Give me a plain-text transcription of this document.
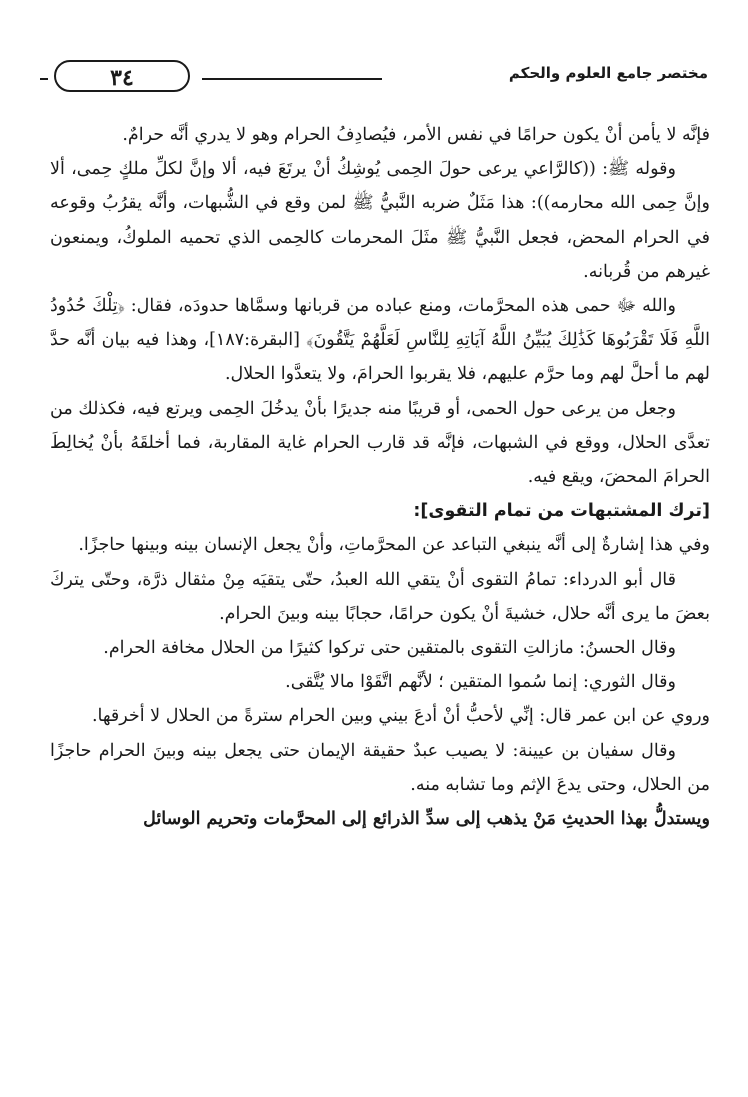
٣٤	مختصر جامع العلوم والحكم

فإنَّه لا يأمن أنْ يكون حرامًا في نفس الأمر، فيُصادِفُ الحرام وهو لا يدري أنَّه حرامٌ.

وقوله ﷺ: ((كالرَّاعي يرعى حولَ الحِمى يُوشِكُ أنْ يرتَعَ فيه، ألا وإنَّ لكلِّ ملكٍ حِمى، ألا وإنَّ حِمى الله محارمه)): هذا مَثَلٌ ضربه النَّبيُّ ﷺ لمن وقع في الشُّبهات، وأنَّه يقرُبُ وقوعه في الحرام المحض، فجعل النَّبيُّ ﷺ مثَلَ المحرمات كالحِمى الذي تحميه الملوكُ، ويمنعون غيرهم من قُربانه.

والله ﷻ حمى هذه المحرَّمات، ومنع عباده من قربانها وسمَّاها حدودَه، فقال: ﴿تِلْكَ حُدُودُ اللَّهِ فَلَا تَقْرَبُوهَا كَذَٰلِكَ يُبَيِّنُ اللَّهُ آيَاتِهِ لِلنَّاسِ لَعَلَّهُمْ يَتَّقُونَ﴾ [البقرة:١٨٧]، وهذا فيه بيان أنَّه حدَّ لهم ما أحلَّ لهم وما حرَّم عليهم، فلا يقربوا الحرامَ، ولا يتعدَّوا الحلال.

وجعل من يرعى حول الحمى، أو قريبًا منه جديرًا بأنْ يدخُلَ الحِمى ويرتع فيه، فكذلك من تعدَّى الحلال، ووقع في الشبهات، فإنَّه قد قارب الحرام غاية المقاربة، فما أخلقَهُ بأنْ يُخالِطَ الحرامَ المحضَ، ويقع فيه.

[ترك المشتبهات من تمام التقوى]:

وفي هذا إشارةٌ إلى أنَّه ينبغي التباعد عن المحرَّماتِ، وأنْ يجعل الإنسان بينه وبينها حاجزًا.

قال أبو الدرداء: تمامُ التقوى أنْ يتقي الله العبدُ، حتّى يتقيَه مِنْ مثقال ذرَّة، وحتّى يتركَ بعضَ ما يرى أنَّه حلال، خشيةَ أنْ يكون حرامًا، حجابًا بينه وبينَ الحرام.

وقال الحسنُ: مازالتِ التقوى بالمتقين حتى تركوا كثيرًا من الحلال مخافة الحرام.

وقال الثوري: إنما سُموا المتقين ؛ لأنَّهم اتَّقَوْا مالا يُتَّقى.

وروي عن ابن عمر قال: إنِّي لأحبُّ أنْ أدعَ بيني وبين الحرام سترةً من الحلال لا أخرقها.

وقال سفيان بن عيينة: لا يصيب عبدٌ حقيقة الإيمان حتى يجعل بينه وبينَ الحرام حاجزًا من الحلال، وحتى يدعَ الإثم وما تشابه منه.

ويستدلُّ بهذا الحديثِ مَنْ يذهب إلى سدِّ الذرائع إلى المحرَّمات وتحريم الوسائل
